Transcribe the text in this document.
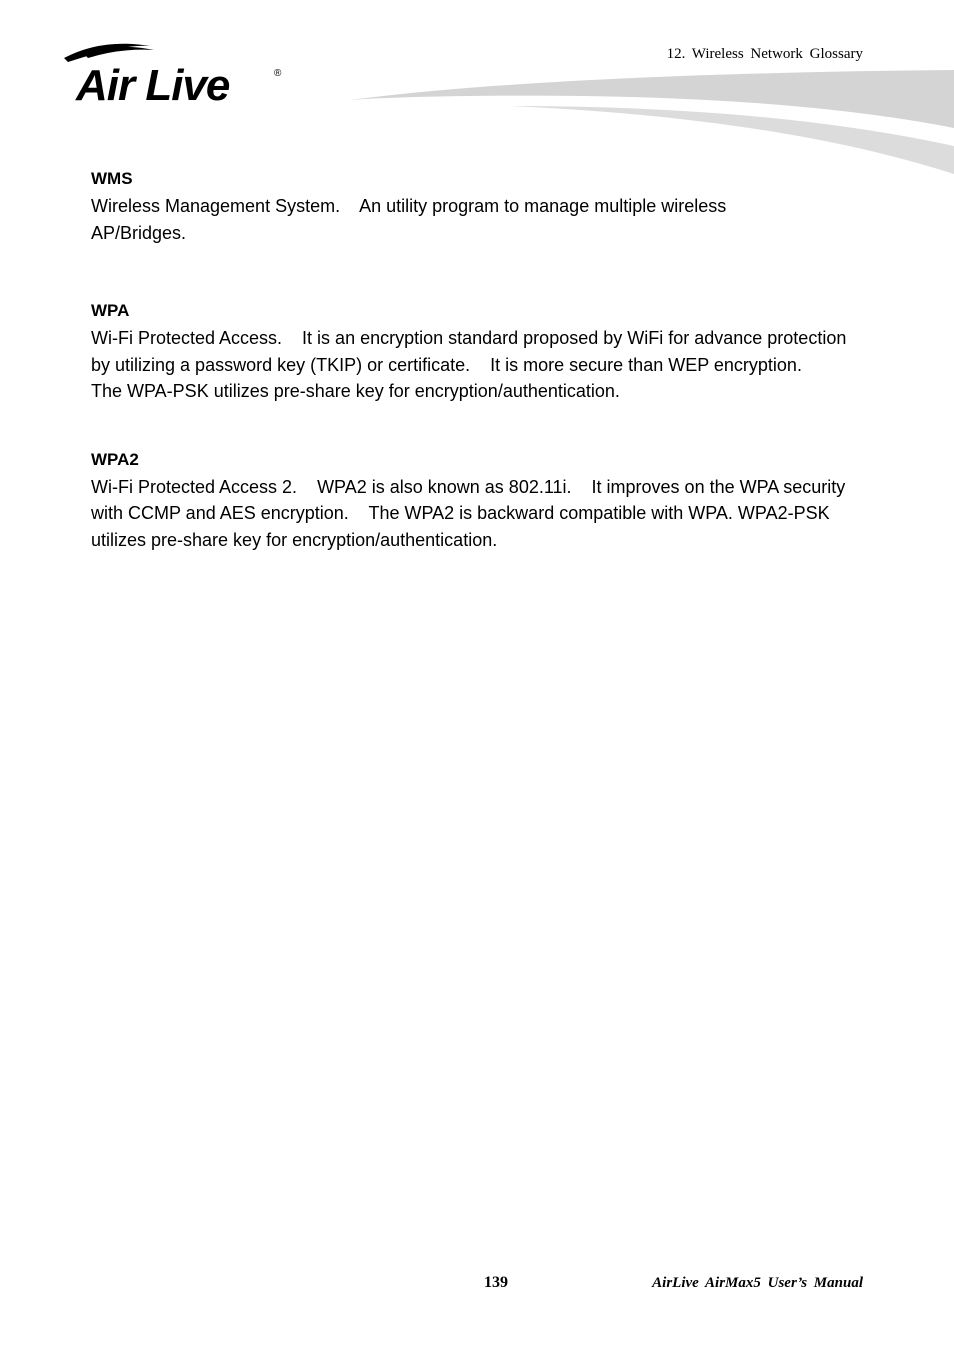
Air Live	®
12. Wireless Network Glossary
WMS

Wireless Management System.    An utility program to manage multiple wireless AP/Bridges.

WPA

Wi-Fi Protected Access.    It is an encryption standard proposed by WiFi for advance protection by utilizing a password key (TKIP) or certificate.    It is more secure than WEP encryption.    The WPA-PSK utilizes pre-share key for encryption/authentication.

WPA2

Wi-Fi Protected Access 2.    WPA2 is also known as 802.11i.    It improves on the WPA security with CCMP and AES encryption.    The WPA2 is backward compatible with WPA. WPA2-PSK utilizes pre-share key for encryption/authentication.

139	AirLive AirMax5 User’s Manual
